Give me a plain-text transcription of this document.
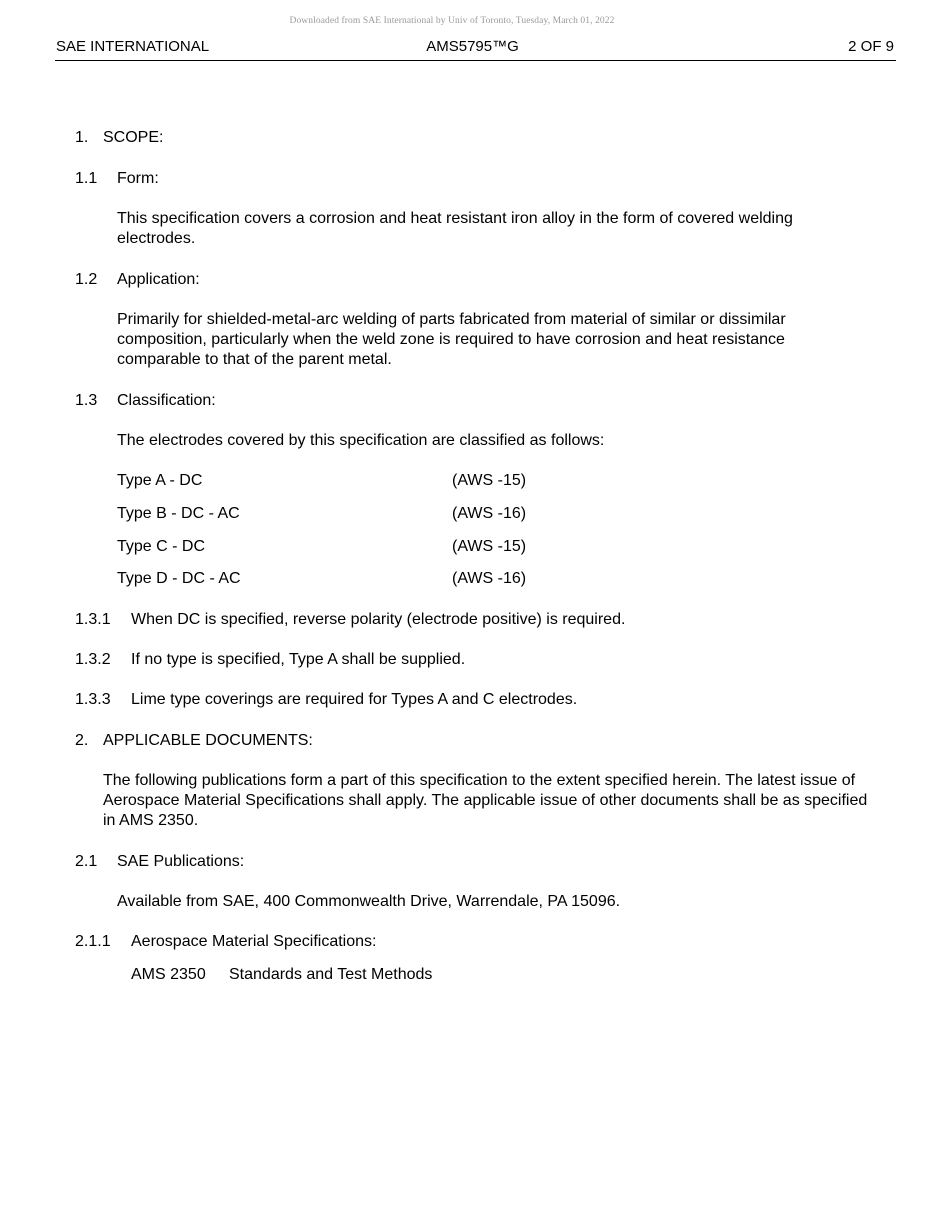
Downloaded from SAE International by Univ of Toronto, Tuesday, March 01, 2022
SAE INTERNATIONAL	AMS5795™G	2 OF 9
1. SCOPE:
1.1 Form:
This specification covers a corrosion and heat resistant iron alloy in the form of covered welding electrodes.
1.2 Application:
Primarily for shielded-metal-arc welding of parts fabricated from material of similar or dissimilar composition, particularly when the weld zone is required to have corrosion and heat resistance comparable to that of the parent metal.
1.3 Classification:
The electrodes covered by this specification are classified as follows:
Type A - DC	(AWS -15)
Type B - DC - AC	(AWS -16)
Type C - DC	(AWS -15)
Type D - DC - AC	(AWS -16)
1.3.1 When DC is specified, reverse polarity (electrode positive) is required.
1.3.2 If no type is specified, Type A shall be supplied.
1.3.3 Lime type coverings are required for Types A and C electrodes.
2. APPLICABLE DOCUMENTS:
The following publications form a part of this specification to the extent specified herein. The latest issue of Aerospace Material Specifications shall apply. The applicable issue of other documents shall be as specified in AMS 2350.
2.1 SAE Publications:
Available from SAE, 400 Commonwealth Drive, Warrendale, PA 15096.
2.1.1 Aerospace Material Specifications:
AMS 2350 Standards and Test Methods
